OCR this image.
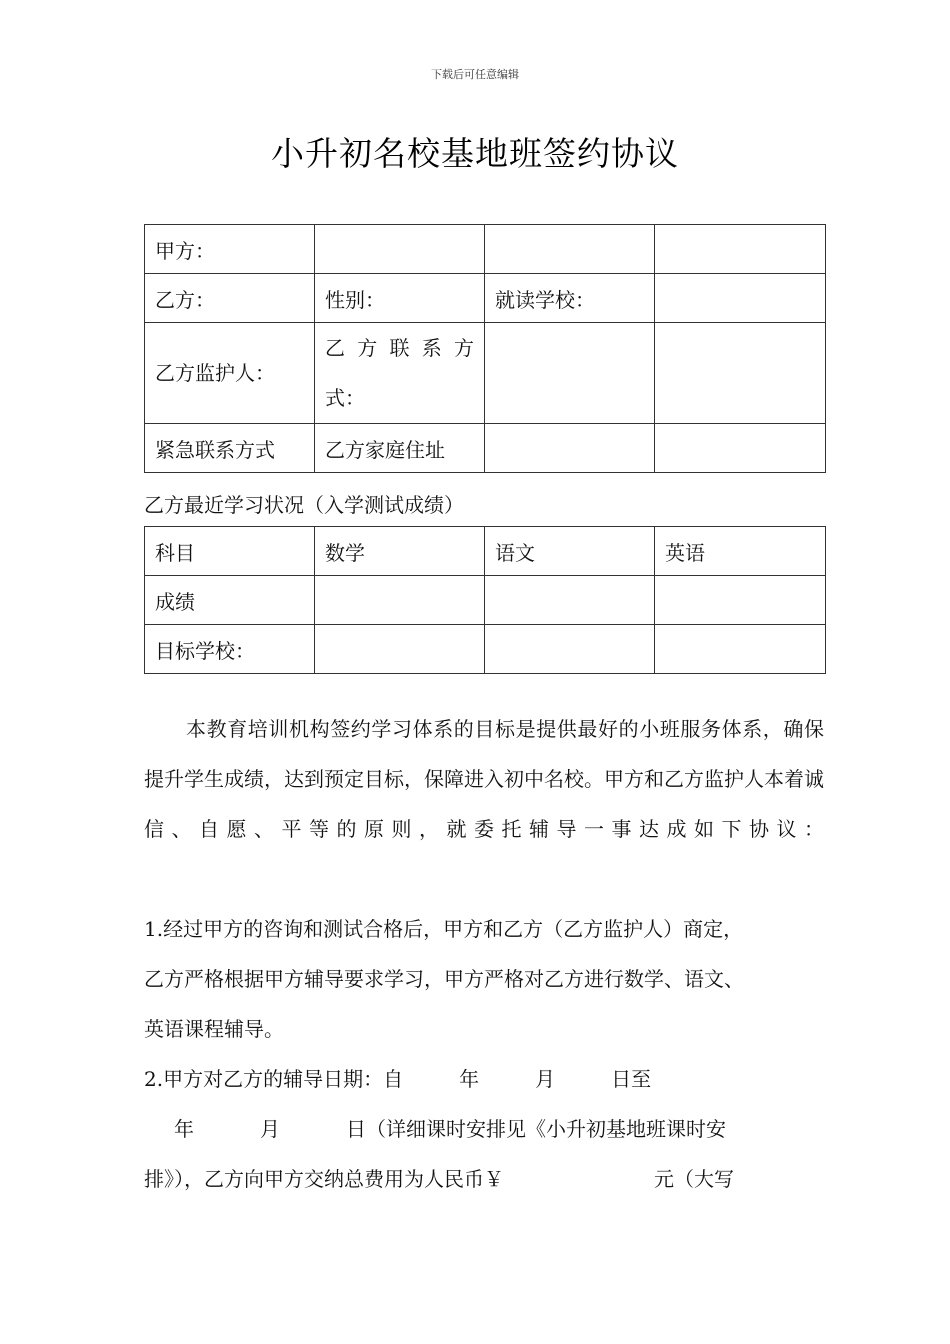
下载后可任意编辑
小升初名校基地班签约协议
甲方：			
乙方：	性别：	就读学校：	

乙方监护人：	乙 方 联 系 方
式：		

紧急联系方式	乙方家庭住址		
乙方最近学习状况（入学测试成绩）
科目	数学	语文	英语
成绩			
目标学校：			
本教育培训机构签约学习体系的目标是提供最好的小班服务体系，确保提升学生成绩，达到预定目标，保障进入初中名校。甲方和乙方监护人本着诚信、自愿、平等的原则，就委托辅导一事达成如下协议：
1.经过甲方的咨询和测试合格后，甲方和乙方（乙方监护人）商定，
乙方严格根据甲方辅导要求学习，甲方严格对乙方进行数学、语文、
英语课程辅导。
2.甲方对乙方的辅导日期：自	年	月	日至
年	月	日（详细课时安排见《小升初基地班课时安
排》），乙方向甲方交纳总费用为人民币￥	元（大写
